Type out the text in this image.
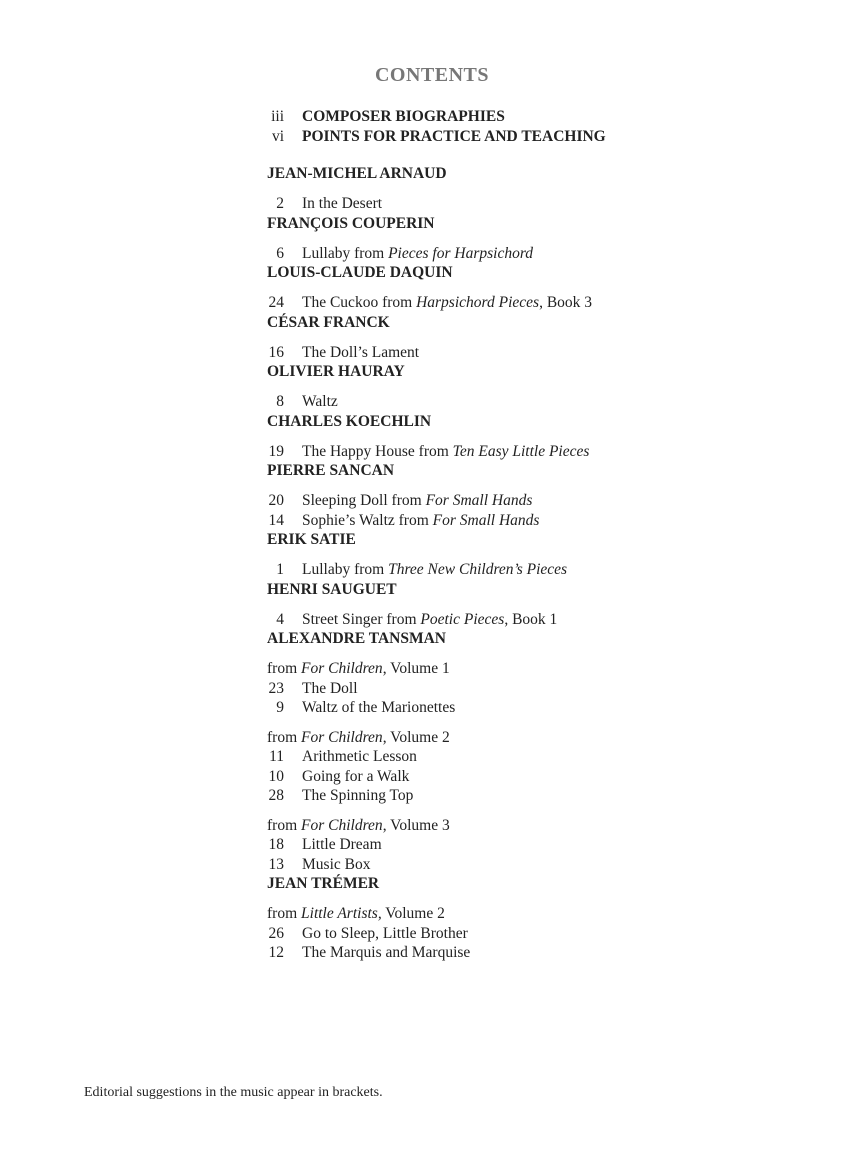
CONTENTS
iii	COMPOSER BIOGRAPHIES
vi	POINTS FOR PRACTICE AND TEACHING
JEAN-MICHEL ARNAUD
2	In the Desert
FRANÇOIS COUPERIN
6	Lullaby from Pieces for Harpsichord
LOUIS-CLAUDE DAQUIN
24	The Cuckoo from Harpsichord Pieces, Book 3
CÉSAR FRANCK
16	The Doll’s Lament
OLIVIER HAURAY
8	Waltz
CHARLES KOECHLIN
19	The Happy House from Ten Easy Little Pieces
PIERRE SANCAN
20	Sleeping Doll from For Small Hands
14	Sophie’s Waltz from For Small Hands
ERIK SATIE
1	Lullaby from Three New Children’s Pieces
HENRI SAUGUET
4	Street Singer from Poetic Pieces, Book 1
ALEXANDRE TANSMAN
from For Children, Volume 1
23	The Doll
9	Waltz of the Marionettes
from For Children, Volume 2
11	Arithmetic Lesson
10	Going for a Walk
28	The Spinning Top
from For Children, Volume 3
18	Little Dream
13	Music Box
JEAN TRÉMER
from Little Artists, Volume 2
26	Go to Sleep, Little Brother
12	The Marquis and Marquise
Editorial suggestions in the music appear in brackets.
